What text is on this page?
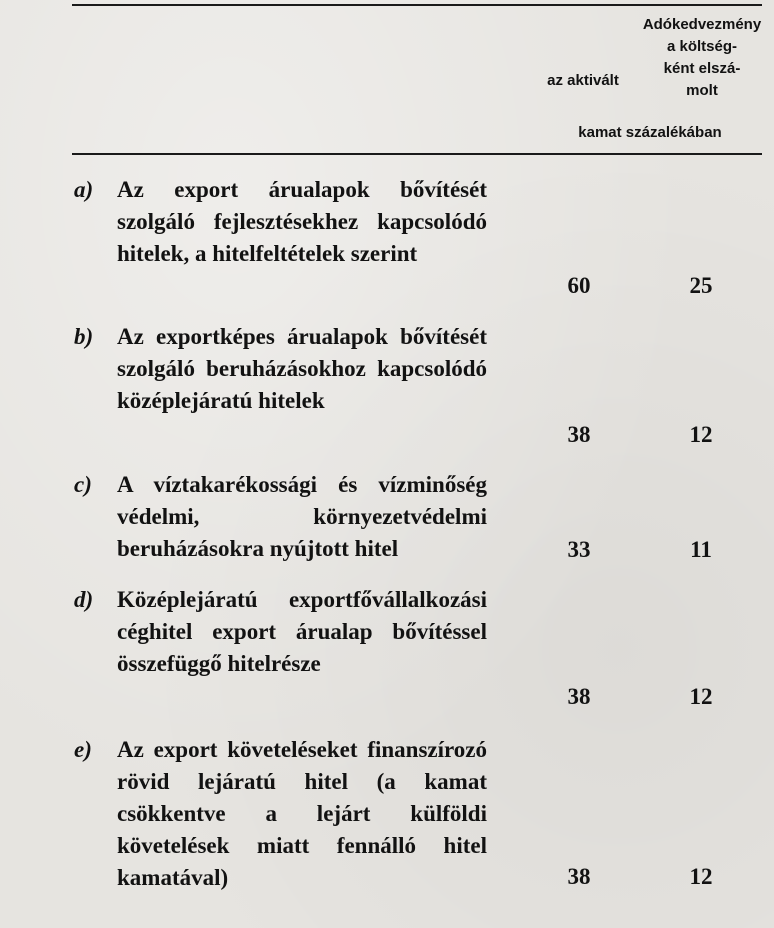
Adókedvezmény
a költség-
ként elszá-
molt
az aktivált
kamat százalékában
a) Az export árualapok bővítését szolgáló fejlesztésekhez kapcsolódó hitelek, a hitelfeltételek szerint
60	25
b) Az exportképes árualapok bővítését szolgáló beruházásokhoz kapcsolódó középlejáratú hitelek
38	12
c) A víztakarékossági és vízminőség védelmi, környezetvédelmi beruházásokra nyújtott hitel	33	11
d) Középlejáratú exportfővállalkozási céghitel export árualap bővítéssel összefüggő hitelrésze
38	12
e) Az export követeléseket finanszírozó rövid lejáratú hitel (a kamat csökkentve a lejárt külföldi követelések miatt fennálló hitel kamatával)	38	12
